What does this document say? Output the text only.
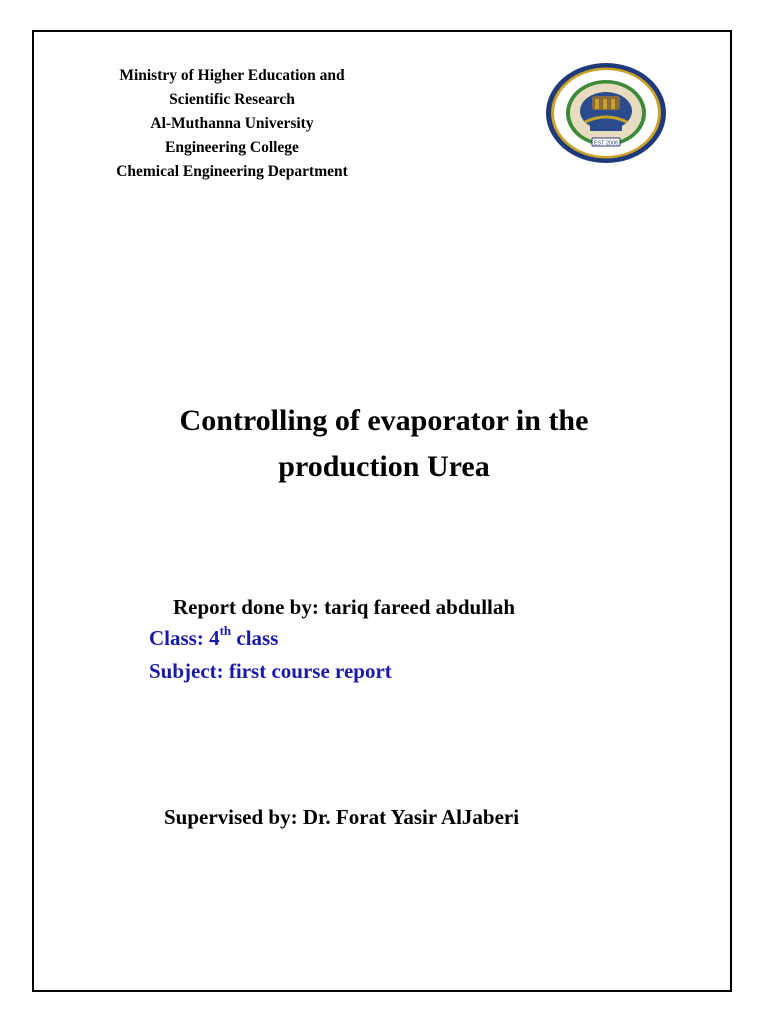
Ministry of Higher Education and
Scientific Research
Al-Muthanna University
Engineering College
Chemical Engineering Department
EST 2006
Controlling of evaporator in the
production Urea
Report done by: tariq fareed abdullah
Class: 4th class
Subject: first course report
Supervised by: Dr. Forat Yasir AlJaberi
